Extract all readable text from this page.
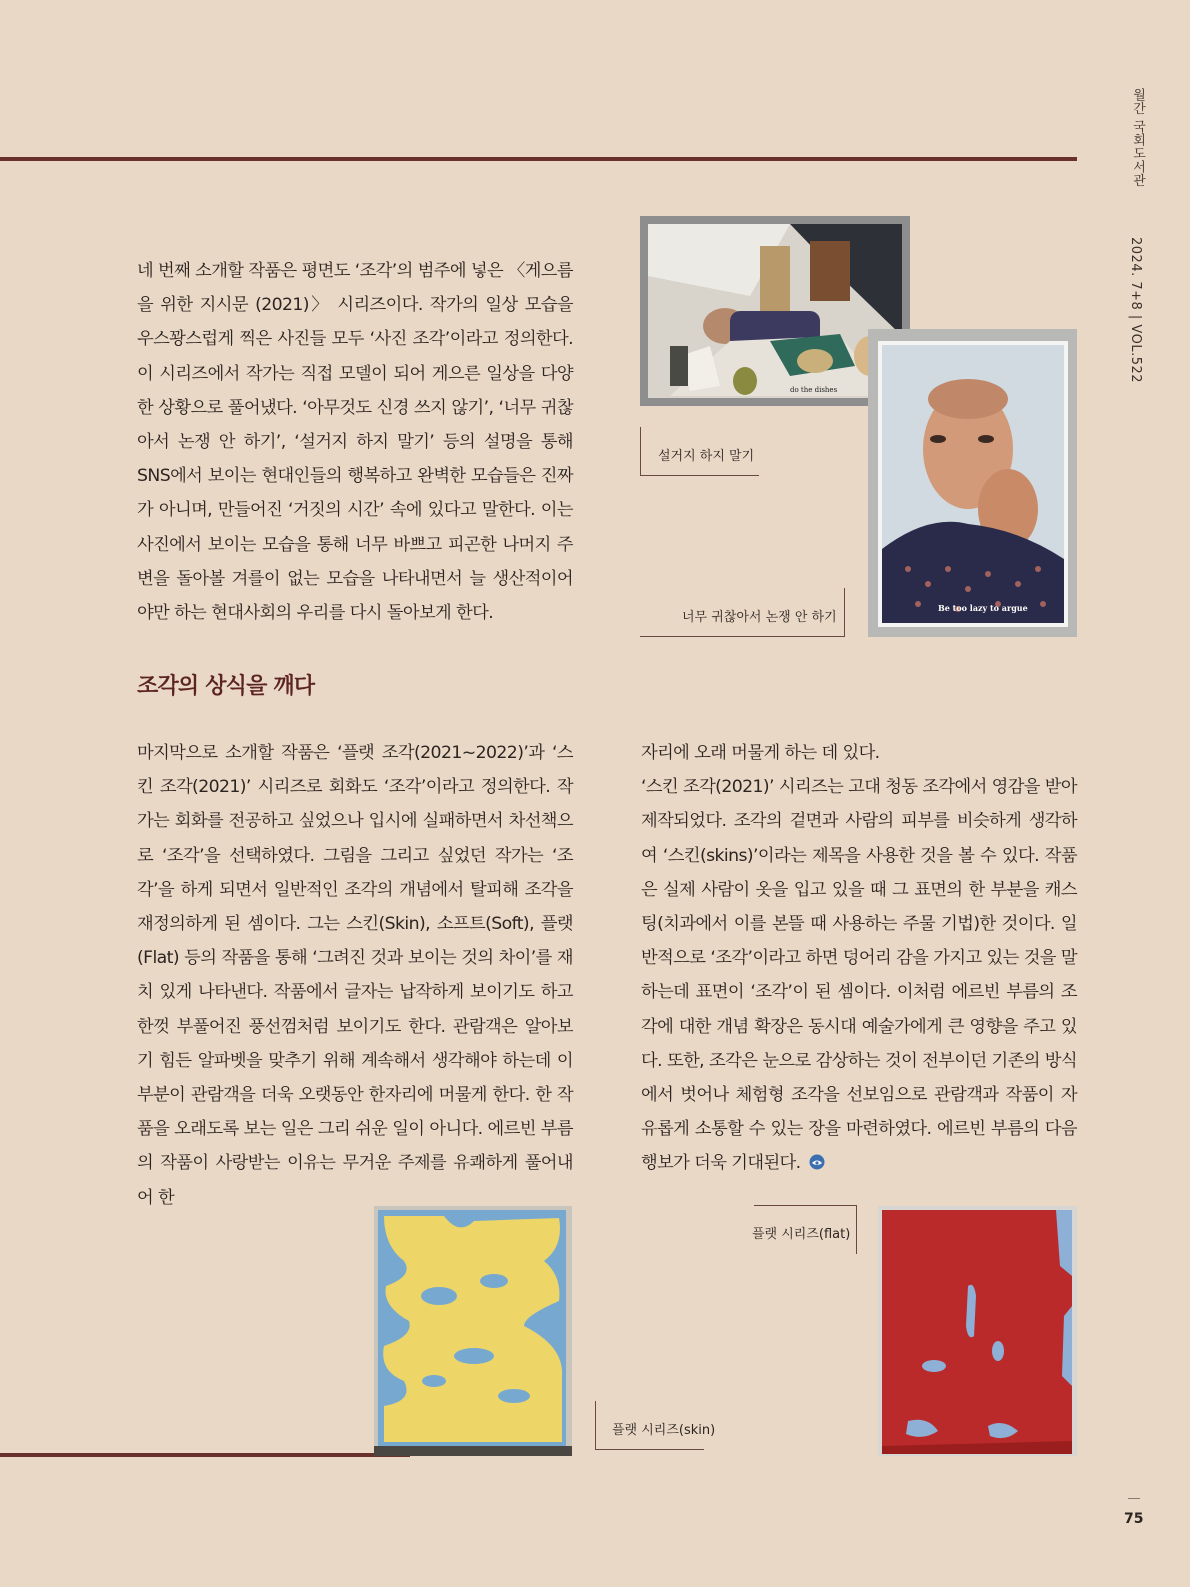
월간 국회도서관
2024. 7+8 | VOL.522

네 번째 소개할 작품은 평면도 ‘조각’의 범주에 넣은 〈게으름을 위한 지시문 (2021)〉 시리즈이다. 작가의 일상 모습을 우스꽝스럽게 찍은 사진들 모두 ‘사진 조각’이라고 정의한다. 이 시리즈에서 작가는 직접 모델이 되어 게으른 일상을 다양한 상황으로 풀어냈다. ‘아무것도 신경 쓰지 않기’, ‘너무 귀찮아서 논쟁 안 하기’, ‘설거지 하지 말기’ 등의 설명을 통해 SNS에서 보이는 현대인들의 행복하고 완벽한 모습들은 진짜가 아니며, 만들어진 ‘거짓의 시간’ 속에 있다고 말한다. 이는 사진에서 보이는 모습을 통해 너무 바쁘고 피곤한 나머지 주변을 돌아볼 겨를이 없는 모습을 나타내면서 늘 생산적이어야만 하는 현대사회의 우리를 다시 돌아보게 한다.

do the dishes
Be too lazy to argue
설거지 하지 말기
너무 귀찮아서 논쟁 안 하기
조각의 상식을 깨다

마지막으로 소개할 작품은 ‘플랫 조각(2021~2022)’과 ‘스킨 조각(2021)’ 시리즈로 회화도 ‘조각’이라고 정의한다. 작가는 회화를 전공하고 싶었으나 입시에 실패하면서 차선책으로 ‘조각’을 선택하였다. 그림을 그리고 싶었던 작가는 ‘조각’을 하게 되면서 일반적인 조각의 개념에서 탈피해 조각을 재정의하게 된 셈이다. 그는 스킨(Skin), 소프트(Soft), 플랫(Flat) 등의 작품을 통해 ‘그려진 것과 보이는 것의 차이’를 재치 있게 나타낸다. 작품에서 글자는 납작하게 보이기도 하고 한껏 부풀어진 풍선껌처럼 보이기도 한다. 관람객은 알아보기 힘든 알파벳을 맞추기 위해 계속해서 생각해야 하는데 이 부분이 관람객을 더욱 오랫동안 한자리에 머물게 한다. 한 작품을 오래도록 보는 일은 그리 쉬운 일이 아니다. 에르빈 부름의 작품이 사랑받는 이유는 무거운 주제를 유쾌하게 풀어내어 한

자리에 오래 머물게 하는 데 있다.
‘스킨 조각(2021)’ 시리즈는 고대 청동 조각에서 영감을 받아 제작되었다. 조각의 겉면과 사람의 피부를 비슷하게 생각하여 ‘스킨(skins)’이라는 제목을 사용한 것을 볼 수 있다. 작품은 실제 사람이 옷을 입고 있을 때 그 표면의 한 부분을 캐스팅(치과에서 이를 본뜰 때 사용하는 주물 기법)한 것이다. 일반적으로 ‘조각’이라고 하면 덩어리 감을 가지고 있는 것을 말하는데 표면이 ‘조각’이 된 셈이다. 이처럼 에르빈 부름의 조각에 대한 개념 확장은 동시대 예술가에게 큰 영향을 주고 있다. 또한, 조각은 눈으로 감상하는 것이 전부이던 기존의 방식에서 벗어나 체험형 조각을 선보임으로 관람객과 작품이 자유롭게 소통할 수 있는 장을 마련하였다. 에르빈 부름의 다음 행보가 더욱 기대된다.
플랫 시리즈(flat)
플랫 시리즈(skin)
75
